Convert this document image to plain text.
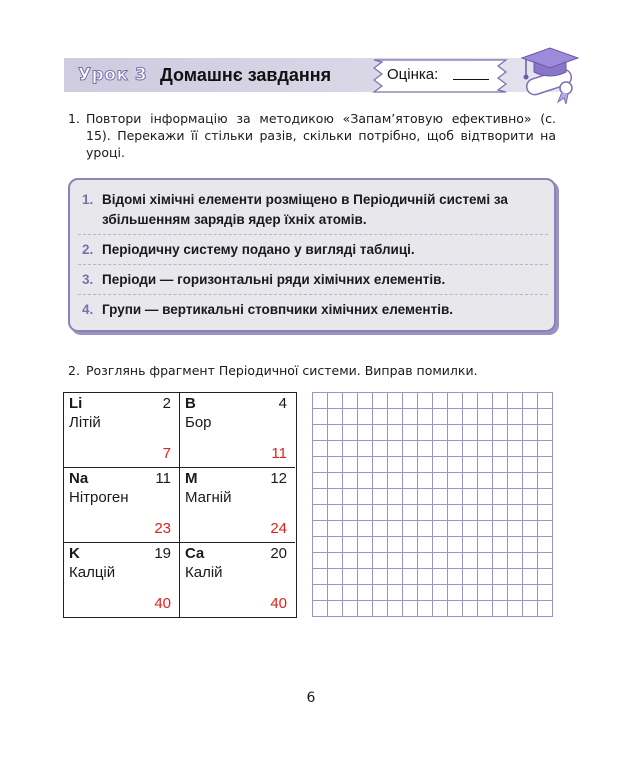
Урок 3 Домашнє завдання	Оцінка:
1. Повтори інформацію за методикою «Запам’ятовую ефективно» (с. 15). Перекажи її стільки разів, скільки потрібно, щоб відтворити на уроці.
1. Відомі хімічні елементи розміщено в Періодичній системі за збільшенням зарядів ядер їхніх атомів.
2. Періодичну систему подано у вигляді таблиці.
3. Періоди — горизонтальні ряди хімічних елементів.
4. Групи — вертикальні стовпчики хімічних елементів.
2. Розглянь фрагмент Періодичної системи. Виправ помилки.
Li	2
Літій
7
B	4
Бор
11
Na	11
Нітроген
23
M	12
Магній
24
K	19
Калцій
40
Ca	20
Калій
40
6
